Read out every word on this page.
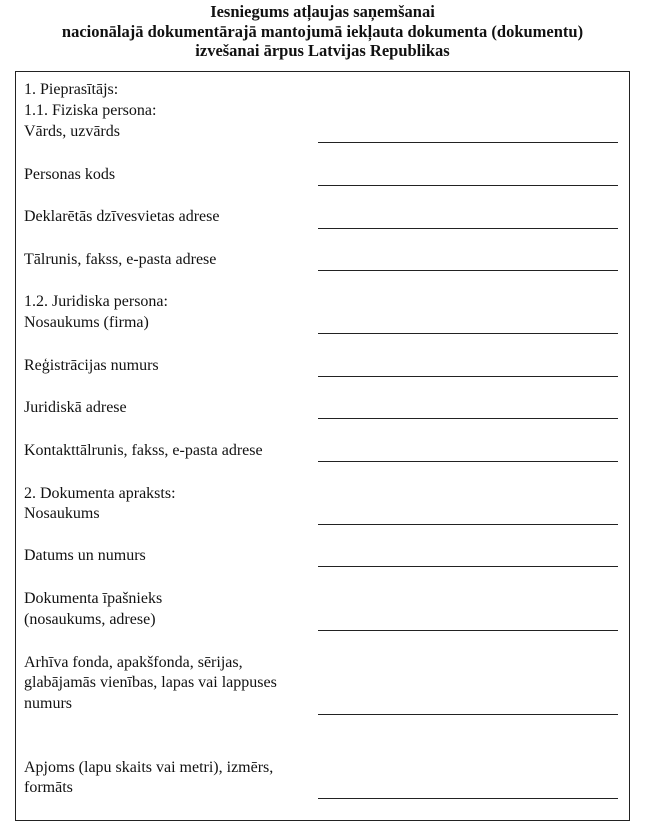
Iesniegums atļaujas saņemšanai
nacionālajā dokumentārajā mantojumā iekļauta dokumenta (dokumentu)
izvešanai ārpus Latvijas Republikas
1. Pieprasītājs:
1.1. Fiziska persona:
Vārds, uzvārds
Personas kods
Deklarētās dzīvesvietas adrese
Tālrunis, fakss, e-pasta adrese
1.2. Juridiska persona:
Nosaukums (firma)
Reģistrācijas numurs
Juridiskā adrese
Kontakttālrunis, fakss, e-pasta adrese
2. Dokumenta apraksts:
Nosaukums
Datums un numurs
Dokumenta īpašnieks
(nosaukums, adrese)
Arhīva fonda, apakšfonda, sērijas,
glabājamās vienības, lapas vai lappuses
numurs
Apjoms (lapu skaits vai metri), izmērs,
formāts
